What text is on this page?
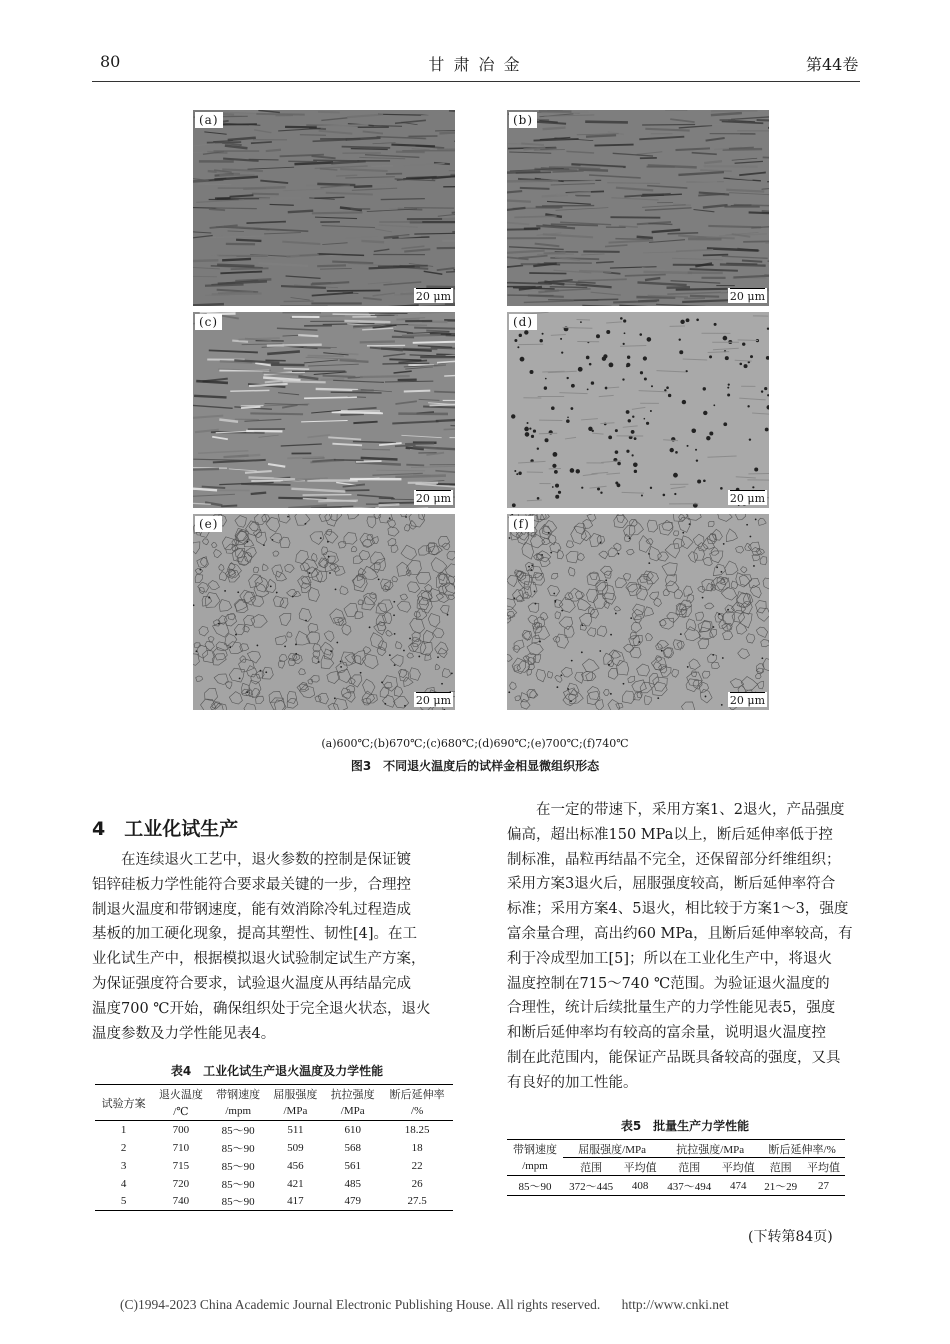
80	甘 肃 冶 金	第44卷
(a)
20 μm
(b)
20 μm
(c)
20 μm
(d)
20 μm
(e)
20 μm
(f)
20 μm
(a)600℃;(b)670℃;(c)680℃;(d)690℃;(e)700℃;(f)740℃
图3　不同退火温度后的试样金相显微组织形态
4　工业化试生产
　　在连续退火工艺中，退火参数的控制是保证镀
铝锌硅板力学性能符合要求最关键的一步，合理控
制退火温度和带钢速度，能有效消除冷轧过程造成
基板的加工硬化现象，提高其塑性、韧性[4]。在工
业化试生产中，根据模拟退火试验制定试生产方案，
为保证强度符合要求，试验退火温度从再结晶完成
温度700 ℃开始，确保组织处于完全退火状态，退火
温度参数及力学性能见表4。
　　在一定的带速下，采用方案1、2退火，产品强度
偏高，超出标准150 MPa以上，断后延伸率低于控
制标准，晶粒再结晶不完全，还保留部分纤维组织；
采用方案3退火后，屈服强度较高，断后延伸率符合
标准；采用方案4、5退火，相比较于方案1～3，强度
富余量合理，高出约60 MPa，且断后延伸率较高，有
利于冷成型加工[5]；所以在工业化生产中，将退火
温度控制在715～740 ℃范围。为验证退火温度的
合理性，统计后续批量生产的力学性能见表5，强度
和断后延伸率均有较高的富余量，说明退火温度控
制在此范围内，能保证产品既具备较高的强度，又具
有良好的加工性能。
表4　工业化试生产退火温度及力学性能
试验方案	退火温度	带钢速度	屈服强度	抗拉强度	断后延伸率
	/℃	/mpm	/MPa	/MPa	/%
1	700	85～90	511	610	18.25
2	710	85～90	509	568	18
3	715	85～90	456	561	22
4	720	85～90	421	485	26
5	740	85～90	417	479	27.5
表5　批量生产力学性能
带钢速度	屈服强度/MPa		抗拉强度/MPa		断后延伸率/%	
/mpm	范围	平均值	范围	平均值	范围	平均值
85～90	372～445	408	437～494	474	21～29	27
(下转第84页)
(C)1994-2023 China Academic Journal Electronic Publishing House. All rights reserved. http://www.cnki.net
